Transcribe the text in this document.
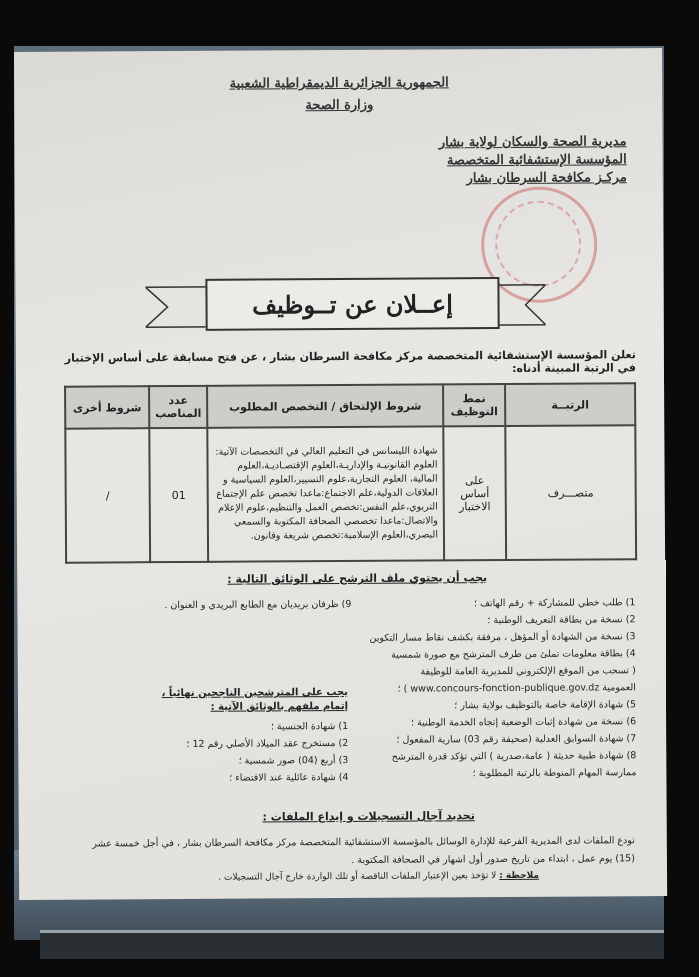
الجمهورية الجزائرية الديمقراطية الشعبية
وزارة الصحة
مديرية الصحة والسكان لولاية بشار
المؤسسة الإستشفائية المتخصصة
مركـز مكافحة السرطان بشار
إعــلان عن تــوظيف
تعلن المؤسسة الإستشفائية المتخصصة مركز مكافحة السرطان بشار ، عن فتح مسابقة على أساس الإختبار في الرتبة المبينة أدناه:
الرتبــة	نمط التوظيف	شروط الإلتحاق / التخصص المطلوب	عدد المناصب	شروط أخرى
متصـــرف	على أساس الاختبار	شهادة الليسانس في التعليم العالي في التخصصات الآتية: العلوم القانونيـة والإداريـة،العلوم الإقتصـاديـة،العلوم المالية، العلوم التجارية،علوم التسيير،العلوم السياسية و العلاقات الدولية،علم الاجتماع:ماعدا تخصص علم الإجتماع التربوي،علم النفس:تخصص العمل والتنظيم،علوم الإعلام والاتصال:ماعدا تخصصي الصحافة المكتوبة والسمعي البصري،العلوم الإسلامية:تخصص شريعة وقانون.	01	/
يجب أن يحتوي ملف الترشح على الوثائق التالية :
1) طلب خطي للمشاركة + رقم الهاتف ؛
2) نسخة من بطاقة التعريف الوطنية ؛
3) نسخة من الشهادة أو المؤهل ، مرفقة بكشف نقاط مسار التكوين
4) بطاقة معلومات تملئ من طرف المترشح مع صورة شمسية
( تسحب من الموقع الإلكتروني للمديرية العامة للوظيفة
العمومية www.concours-fonction-publique.gov.dz ) ؛
5) شهادة الإقامة خاصة بالتوظيف بولاية بشار ؛
6) نسخة من شهادة إثبات الوضعية إتجاه الخدمة الوطنية ؛
7) شهادة السوابق العدلية (صحيفة رقم 03) سارية المفعول ؛
8) شهادة طبية حديثة ( عامة،صدرية ) التي تؤكد قدرة المترشح
ممارسة المهام المنوطة بالرتبة المطلوبة ؛
9) ظرفان بريديان مع الطابع البريدي و العنوان .
يجب على المترشحين الناجحين نهائياً ، إتمام ملفهم بالوثائق الآتية :
1) شهادة الجنسية ؛
2) مستخرج عقد الميلاد الأصلي رقم 12 ؛
3) أربع (04) صور شمسية ؛
4) شهادة عائلية عند الاقتضاء ؛
تحديد آجال التسجيلات و إيداع الملفات :
تودع الملفات لدى المديرية الفرعية للإدارة الوسائل بالمؤسسة الاستشفائية المتخصصة مركز مكافحة السرطان بشار ، في أجل خمسة عشر (15) يوم عمل ، ابتداء من تاريخ صدور أول اشهار في الصحافة المكتوبة .
ملاحظة : لا تؤخذ بعين الإعتبار الملفات الناقصة أو تلك الواردة خارج آجال التسجيلات .
